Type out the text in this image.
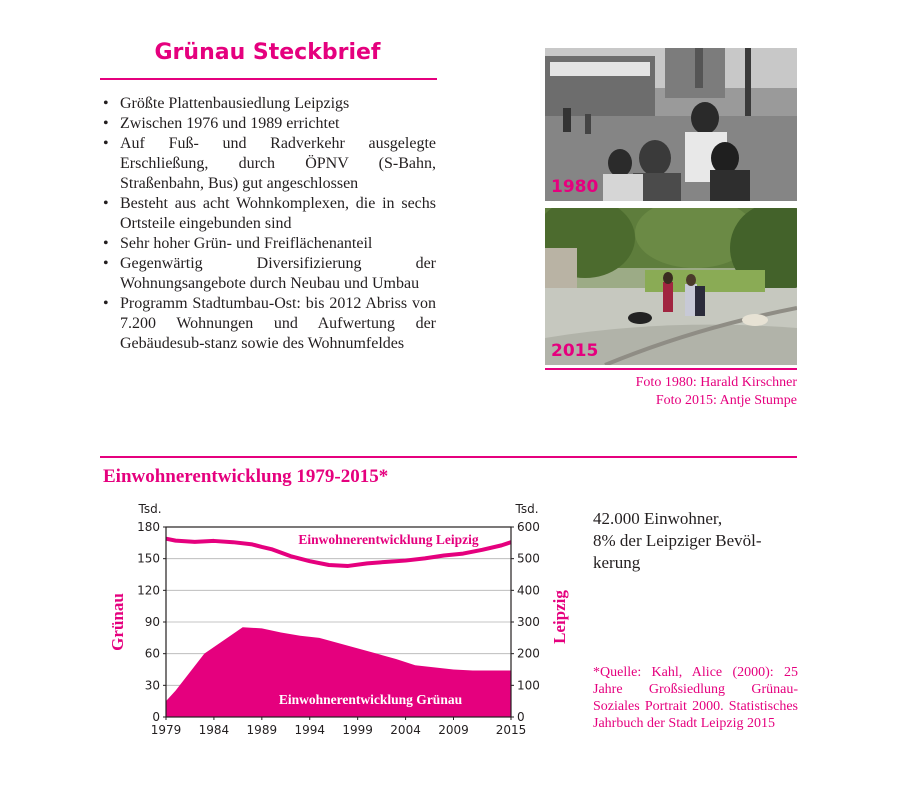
Grünau Steckbrief
• Größte Plattenbausiedlung Leipzigs
• Zwischen 1976 und 1989 errichtet
• Auf Fuß- und Radverkehr ausgelegte Erschließung, durch ÖPNV (S-Bahn, Straßenbahn, Bus) gut angeschlossen
• Besteht aus acht Wohnkomplexen, die in sechs Ortsteile eingebunden sind
• Sehr hoher Grün- und Freiflächenanteil
• Gegenwärtig Diversifizierung der Wohnungsangebote durch Neubau und Umbau
• Programm Stadtumbau-Ost: bis 2012 Abriss von 7.200 Wohnungen und Aufwertung der Gebäudesub-stanz sowie des Wohnumfeldes
1980
2015
Foto 1980: Harald Kirschner
Foto 2015: Antje Stumpe
Einwohnerentwicklung 1979-2015*
0
30
60
90
120
150
180
0
100
200
300
400
500
600
1979 1984 1989 1994 1999 2004 2009 2015
Tsd.	Tsd.
Grünau	Leipzig
Einwohnerentwicklung Leipzig
Einwohnerentwicklung Grünau
42.000 Einwohner,
8% der Leipziger Bevöl-
kerung
*Quelle: Kahl, Alice (2000): 25 Jahre Großsiedlung Grünau-Soziales Portrait 2000. Statistisches Jahrbuch der Stadt Leipzig 2015
